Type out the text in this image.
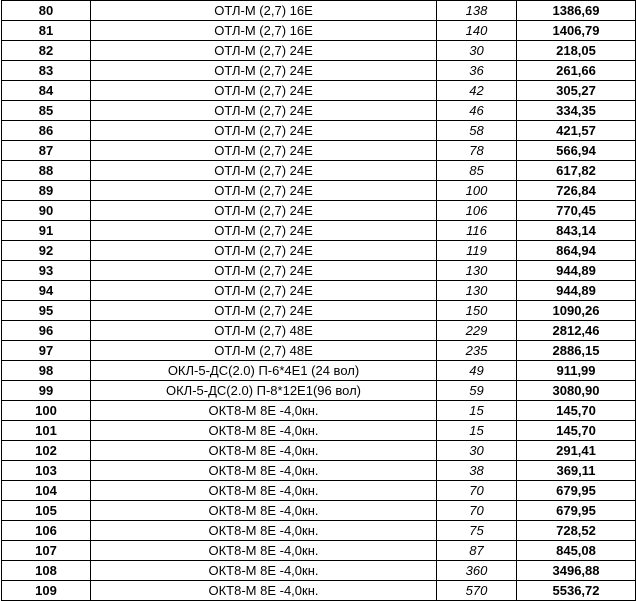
80	ОТЛ-М (2,7) 16Е	138	1386,69
81	ОТЛ-М (2,7) 16Е	140	1406,79
82	ОТЛ-М (2,7) 24Е	30	218,05
83	ОТЛ-М (2,7) 24Е	36	261,66
84	ОТЛ-М (2,7) 24Е	42	305,27
85	ОТЛ-М (2,7) 24Е	46	334,35
86	ОТЛ-М (2,7) 24Е	58	421,57
87	ОТЛ-М (2,7) 24Е	78	566,94
88	ОТЛ-М (2,7) 24Е	85	617,82
89	ОТЛ-М (2,7) 24Е	100	726,84
90	ОТЛ-М (2,7) 24Е	106	770,45
91	ОТЛ-М (2,7) 24Е	116	843,14
92	ОТЛ-М (2,7) 24Е	119	864,94
93	ОТЛ-М (2,7) 24Е	130	944,89
94	ОТЛ-М (2,7) 24Е	130	944,89
95	ОТЛ-М (2,7) 24Е	150	1090,26
96	ОТЛ-М (2,7) 48Е	229	2812,46
97	ОТЛ-М (2,7) 48Е	235	2886,15
98	ОКЛ-5-ДС(2.0) П-6*4Е1 (24 вол)	49	911,99
99	ОКЛ-5-ДС(2.0) П-8*12Е1(96 вол)	59	3080,90
100	ОКТ8-М 8Е -4,0кн.	15	145,70
101	ОКТ8-М 8Е -4,0кн.	15	145,70
102	ОКТ8-М 8Е -4,0кн.	30	291,41
103	ОКТ8-М 8Е -4,0кн.	38	369,11
104	ОКТ8-М 8Е -4,0кн.	70	679,95
105	ОКТ8-М 8Е -4,0кн.	70	679,95
106	ОКТ8-М 8Е -4,0кн.	75	728,52
107	ОКТ8-М 8Е -4,0кн.	87	845,08
108	ОКТ8-М 8Е -4,0кн.	360	3496,88
109	ОКТ8-М 8Е -4,0кн.	570	5536,72
